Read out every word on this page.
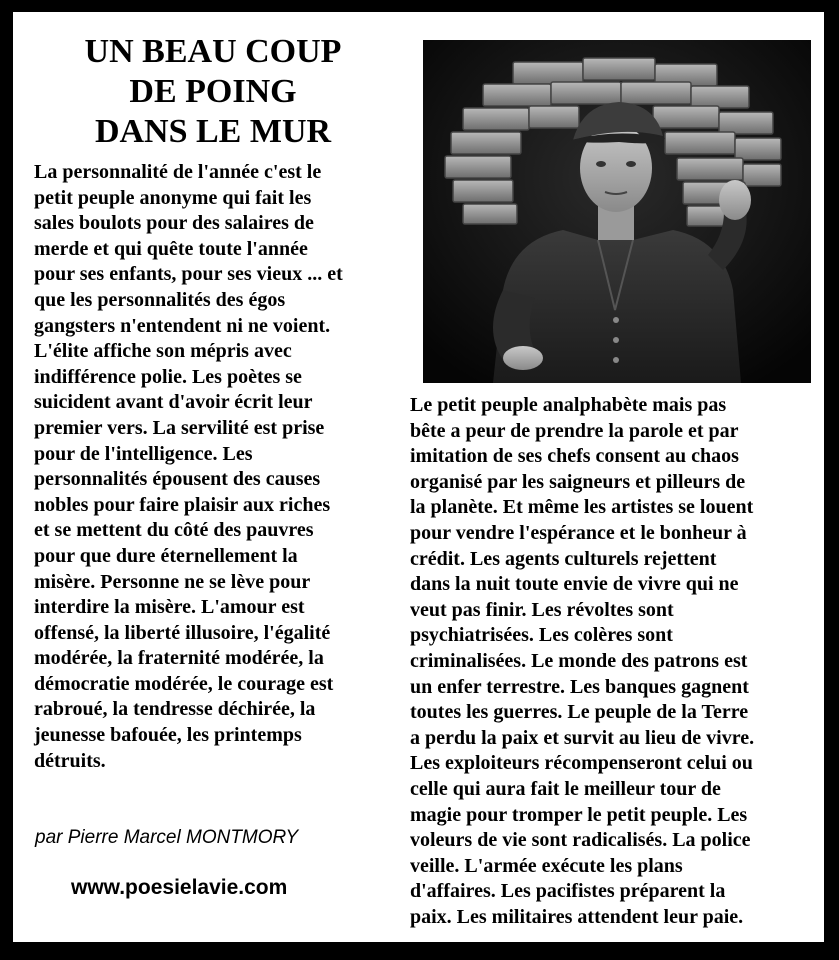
UN BEAU COUP
DE POING
DANS LE MUR
La personnalité de l'année c'est le
petit peuple anonyme qui fait les
sales boulots pour des salaires de
merde et qui quête toute l'année
pour ses enfants, pour ses vieux ... et
que les personnalités des égos
gangsters n'entendent ni ne voient.
L'élite affiche son mépris avec
indifférence polie. Les poètes se
suicident avant d'avoir écrit leur
premier vers. La servilité est prise
pour de l'intelligence. Les
personnalités épousent des causes
nobles pour faire plaisir aux riches
et se mettent du côté des pauvres
pour que dure éternellement la
misère. Personne ne se lève pour
interdire la misère. L'amour est
offensé, la liberté illusoire, l'égalité
modérée, la fraternité modérée, la
démocratie modérée, le courage est
rabroué, la tendresse déchirée, la
jeunesse bafouée, les printemps
détruits.
Le petit peuple analphabète mais pas
bête a peur de prendre la parole et par
imitation de ses chefs consent au chaos
organisé par les saigneurs et pilleurs de
la planète. Et même les artistes se louent
pour vendre l'espérance et le bonheur à
crédit. Les agents culturels rejettent
dans la nuit toute envie de vivre qui ne
veut pas finir. Les révoltes sont
psychiatrisées. Les colères sont
criminalisées. Le monde des patrons est
un enfer terrestre. Les banques gagnent
toutes les guerres. Le peuple de la Terre
a perdu la paix et survit au lieu de vivre.
Les exploiteurs récompenseront celui ou
celle qui aura fait le meilleur tour de
magie pour tromper le petit peuple. Les
voleurs de vie sont radicalisés. La police
veille. L'armée exécute les plans
d'affaires. Les pacifistes préparent la
paix. Les militaires attendent leur paie.
par Pierre Marcel MONTMORY
www.poesielavie.com
